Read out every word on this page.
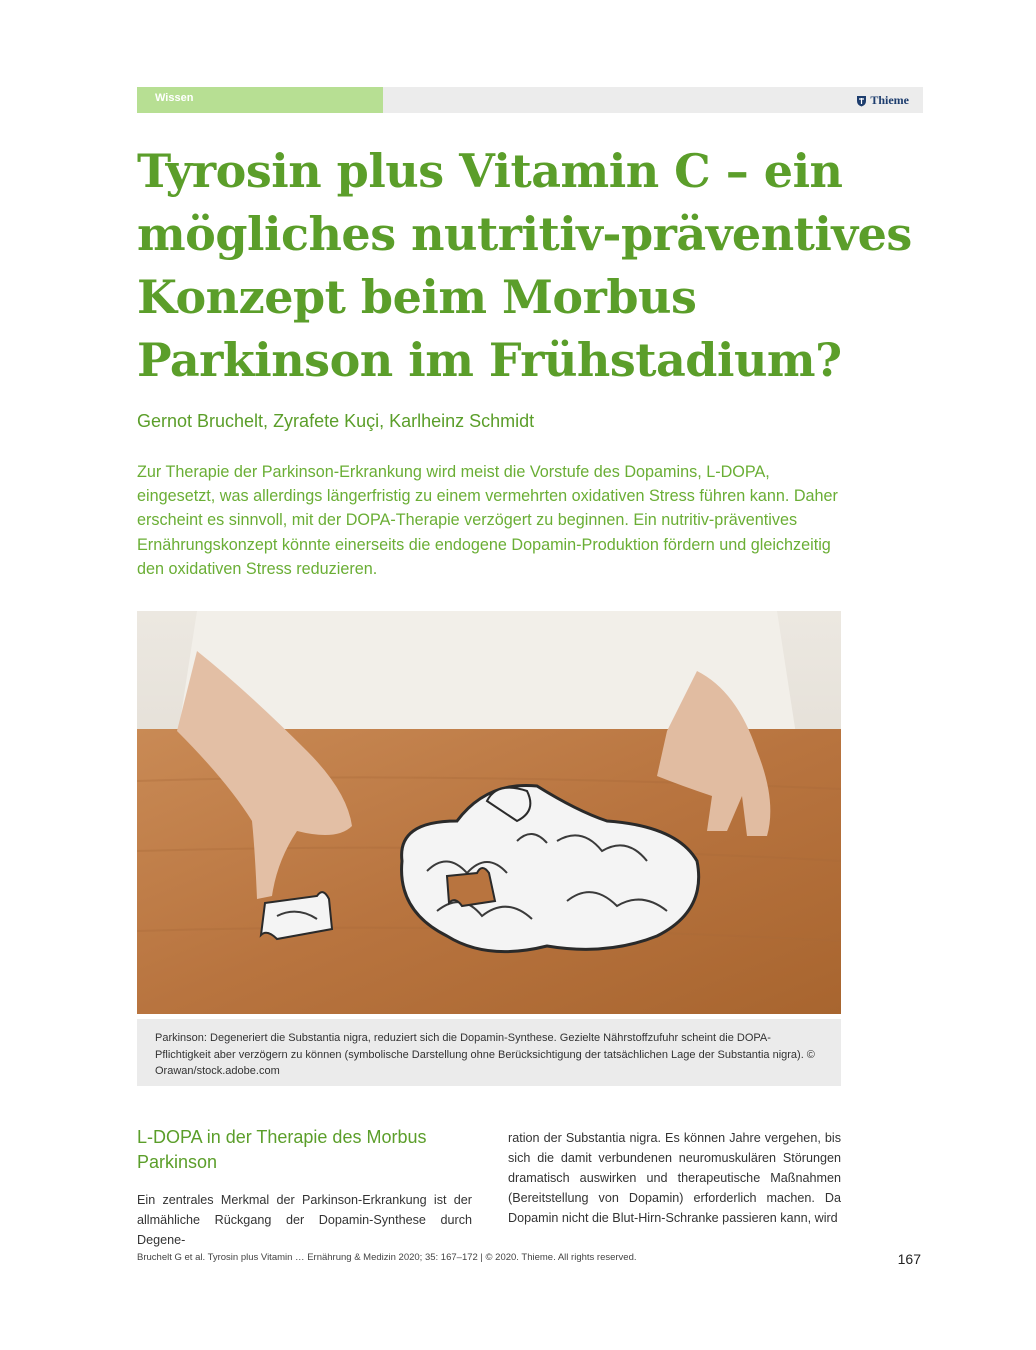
Wissen	Thieme
Tyrosin plus Vitamin C – ein mögliches nutritiv-präventives Konzept beim Morbus Parkinson im Frühstadium?
Gernot Bruchelt, Zyrafete Kuçi, Karlheinz Schmidt

Zur Therapie der Parkinson-Erkrankung wird meist die Vorstufe des Dopamins, L-DOPA, eingesetzt, was allerdings längerfristig zu einem vermehrten oxidativen Stress führen kann. Daher erscheint es sinnvoll, mit der DOPA-Therapie verzögert zu beginnen. Ein nutritiv-präventives Ernährungskonzept könnte einerseits die endogene Dopamin-Produktion fördern und gleichzeitig den oxidativen Stress reduzieren.

Parkinson: Degeneriert die Substantia nigra, reduziert sich die Dopamin-Synthese. Gezielte Nährstoffzufuhr scheint die DOPA-Pflichtigkeit aber verzögern zu können (symbolische Darstellung ohne Berücksichtigung der tatsächlichen Lage der Substantia nigra). © Orawan/stock.adobe.com
L-DOPA in der Therapie des Morbus Parkinson

Ein zentrales Merkmal der Parkinson-Erkrankung ist der allmähliche Rückgang der Dopamin-Synthese durch Degene-

ration der Substantia nigra. Es können Jahre vergehen, bis sich die damit verbundenen neuromuskulären Störungen dramatisch auswirken und therapeutische Maßnahmen (Bereitstellung von Dopamin) erforderlich machen. Da Dopamin nicht die Blut-Hirn-Schranke passieren kann, wird

Bruchelt G et al. Tyrosin plus Vitamin … Ernährung & Medizin 2020; 35: 167–172 | © 2020. Thieme. All rights reserved.	167
